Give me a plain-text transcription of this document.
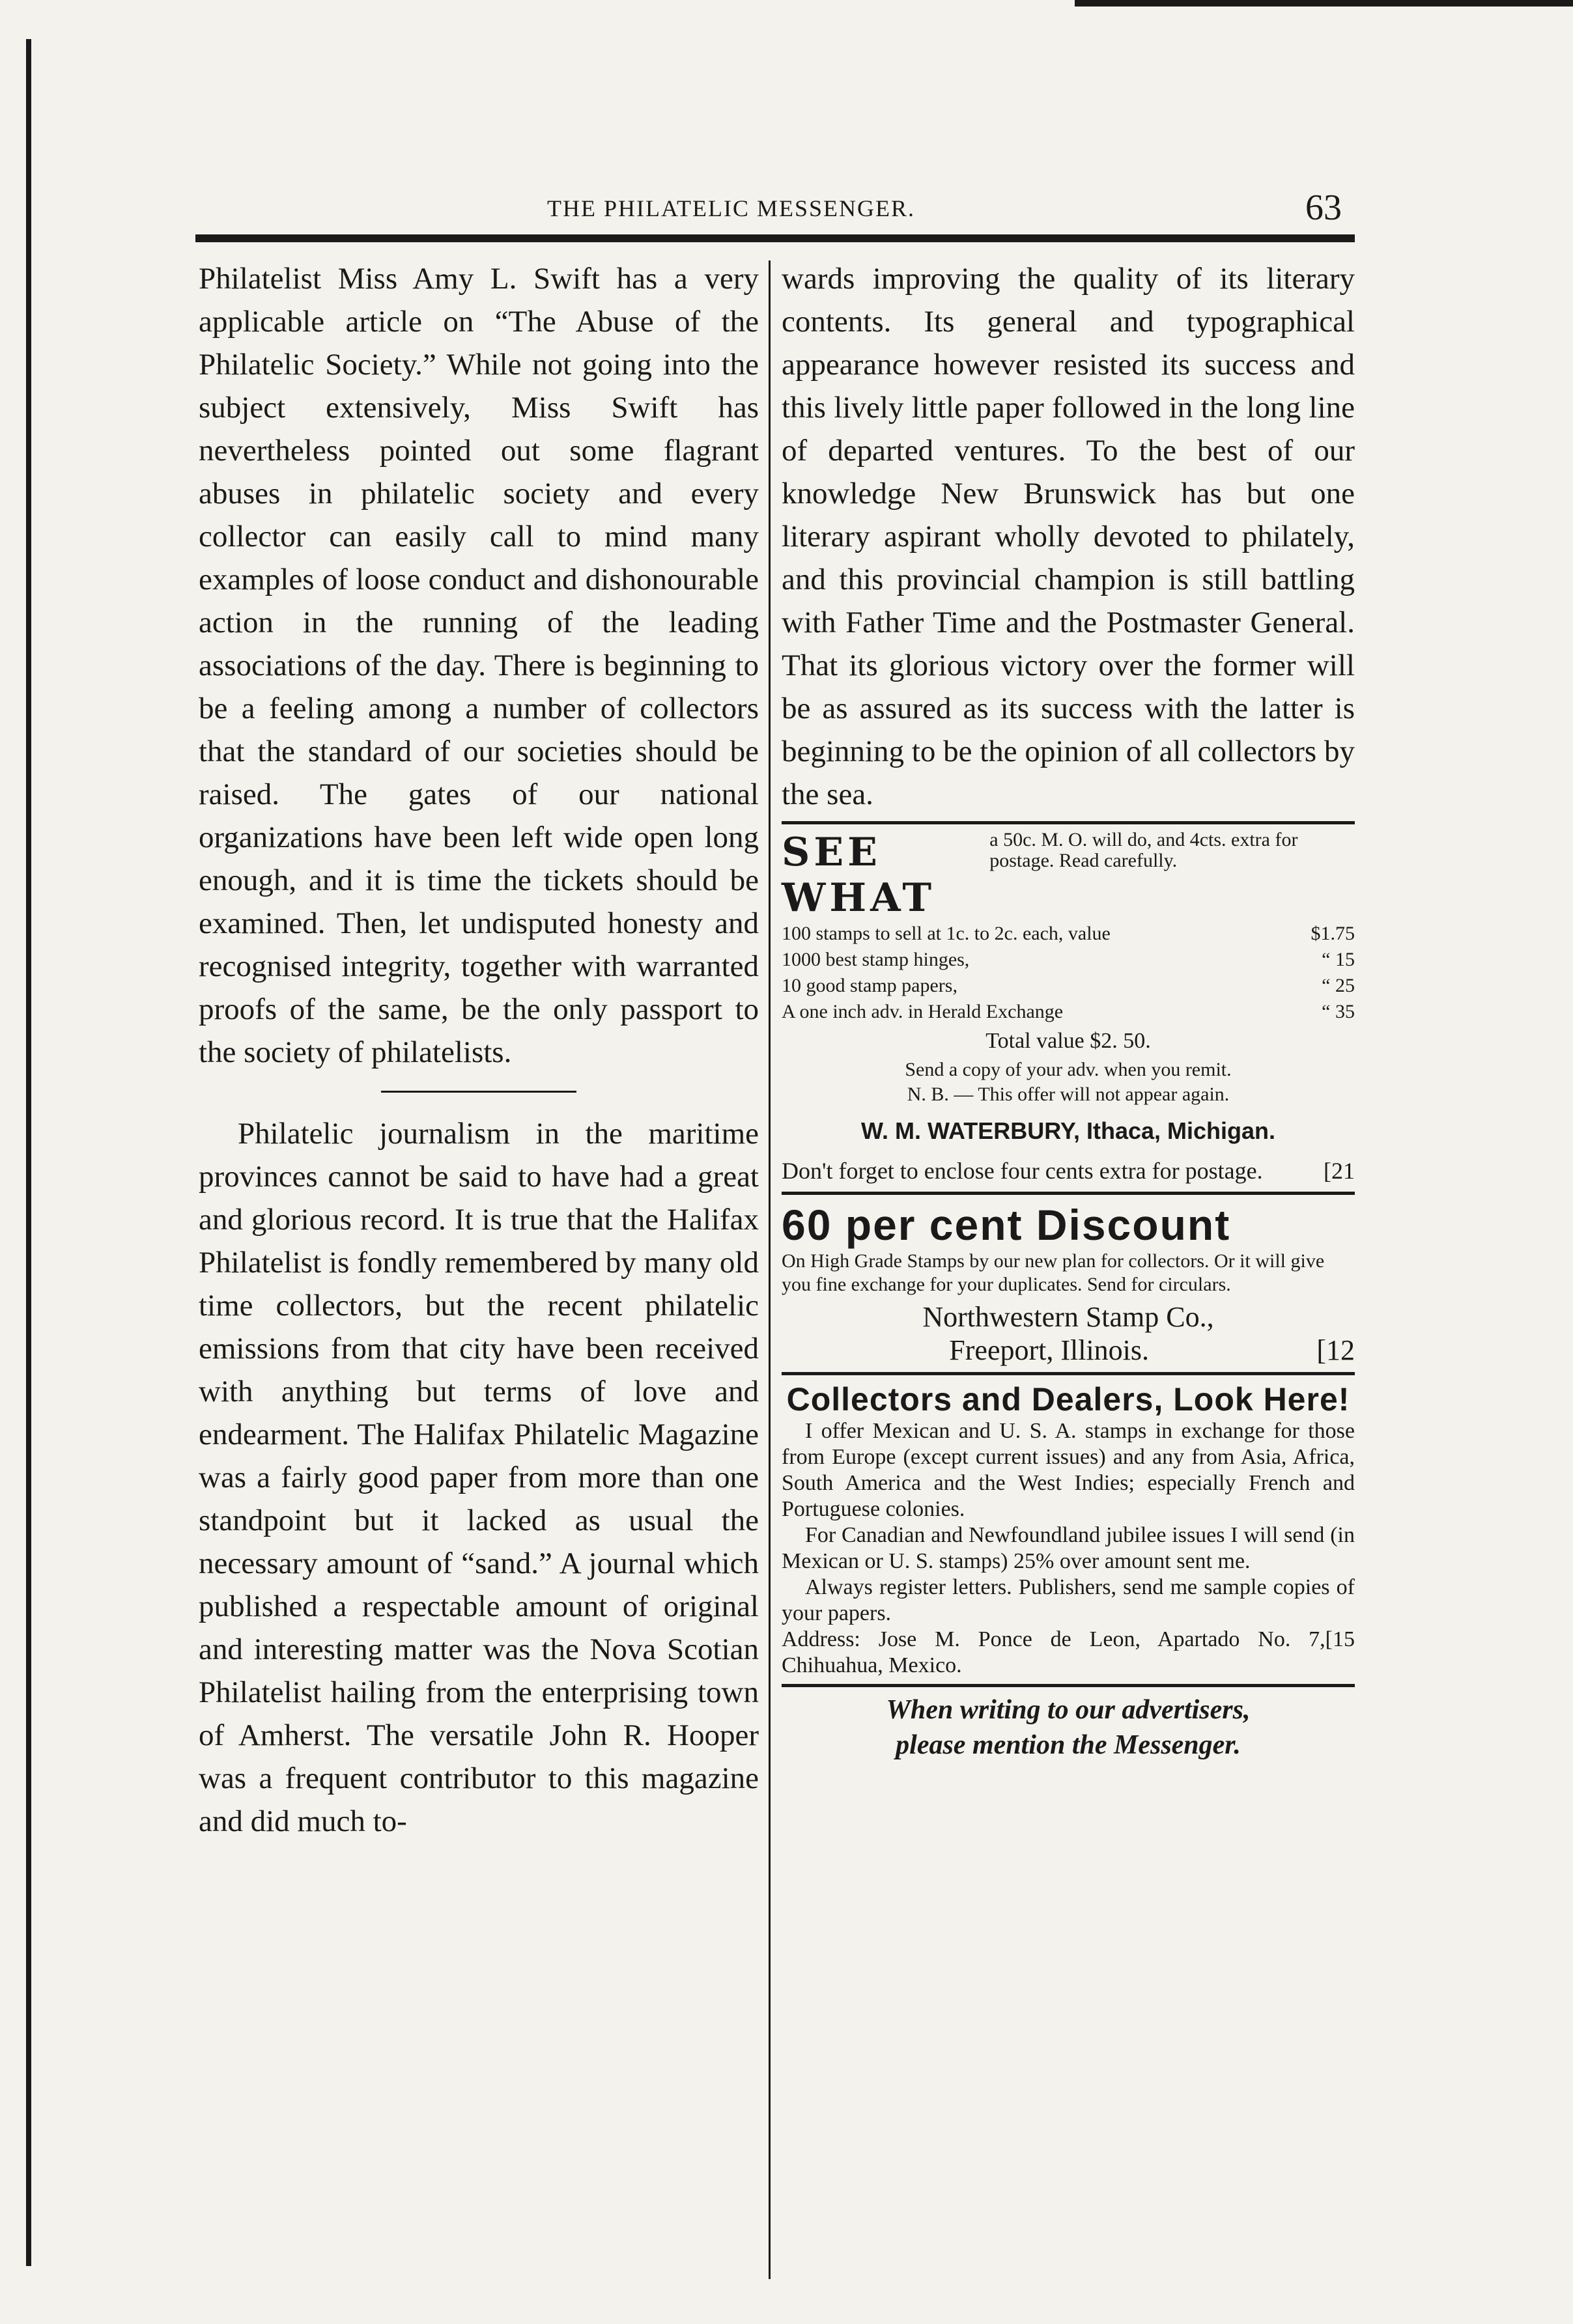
THE PHILATELIC MESSENGER.	63

Philatelist Miss Amy L. Swift has a very applicable article on “The Abuse of the Philatelic Society.” While not going into the subject extensively, Miss Swift has nevertheless pointed out some flagrant abuses in philatelic society and every collector can easily call to mind many examples of loose conduct and dishonourable action in the running of the leading associations of the day. There is beginning to be a feeling among a number of collectors that the standard of our societies should be raised. The gates of our national organizations have been left wide open long enough, and it is time the tickets should be examined. Then, let undisputed honesty and recognised integrity, together with warranted proofs of the same, be the only passport to the society of philatelists.

Philatelic journalism in the maritime provinces cannot be said to have had a great and glorious record. It is true that the Halifax Philatelist is fondly remembered by many old time collectors, but the recent philatelic emissions from that city have been received with anything but terms of love and endearment. The Halifax Philatelic Magazine was a fairly good paper from more than one standpoint but it lacked as usual the necessary amount of “sand.” A journal which published a respectable amount of original and interesting matter was the Nova Scotian Philatelist hailing from the enterprising town of Amherst. The versatile John R. Hooper was a frequent contributor to this magazine and did much to-

wards improving the quality of its literary contents. Its general and typographical appearance however resisted its success and this lively little paper followed in the long line of departed ventures. To the best of our knowledge New Brunswick has but one literary aspirant wholly devoted to philately, and this provincial champion is still battling with Father Time and the Postmaster General. That its glorious victory over the former will be as assured as its success with the latter is beginning to be the opinion of all collectors by the sea.

SEE WHAT
a 50c. M. O. will do, and 4cts. extra for postage. Read carefully.
100 stamps to sell at 1c. to 2c. each, value	$1.75
1000 best stamp hinges,	“ 15
10 good stamp papers,	“ 25
A one inch adv. in Herald Exchange	“ 35
Total value $2. 50.
Send a copy of your adv. when you remit.
N. B. — This offer will not appear again.
W. M. WATERBURY, Ithaca, Michigan.
Don't forget to enclose four cents extra for postage.	[21
60 per cent Discount
On High Grade Stamps by our new plan for collectors. Or it will give you fine exchange for your duplicates. Send for circulars.
Northwestern Stamp Co.,
Freeport, Illinois.	[12
Collectors and Dealers, Look Here!

I offer Mexican and U. S. A. stamps in exchange for those from Europe (except current issues) and any from Asia, Africa, South America and the West Indies; especially French and Portuguese colonies.

For Canadian and Newfoundland jubilee issues I will send (in Mexican or U. S. stamps) 25% over amount sent me.

Always register letters. Publishers, send me sample copies of your papers.

Address: Jose M. Ponce de Leon, Apartado No. 7, Chihuahua, Mexico.
[15

When writing to our advertisers,
please mention the Messenger.
